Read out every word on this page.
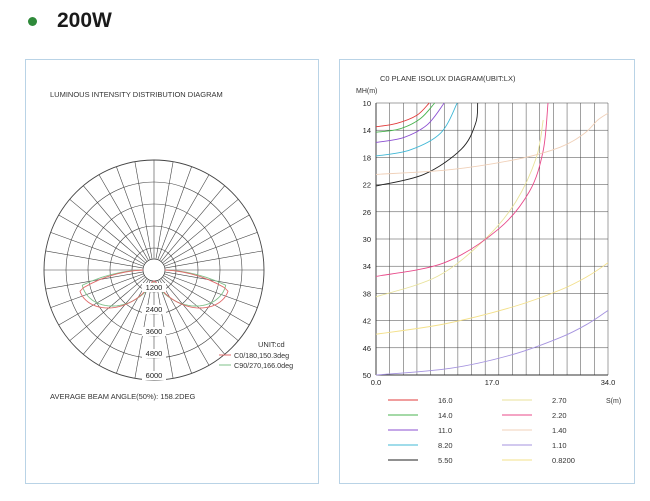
200W
LUMINOUS INTENSITY DISTRIBUTION DIAGRAM
1200
2400
3600
4800
6000
UNIT:cd
C0/180,150.3deg
C90/270,166.0deg
AVERAGE BEAM ANGLE(50%): 158.2DEG
C0 PLANE ISOLUX DIAGRAM(UBIT:LX)
MH(m)
S(m)
10
14
18
22
26
30
34
38
42
46
50
0.0	17.0	34.0
16.0
14.0
11.0
8.20
5.50
2.70
2.20
1.40
1.10
0.8200
